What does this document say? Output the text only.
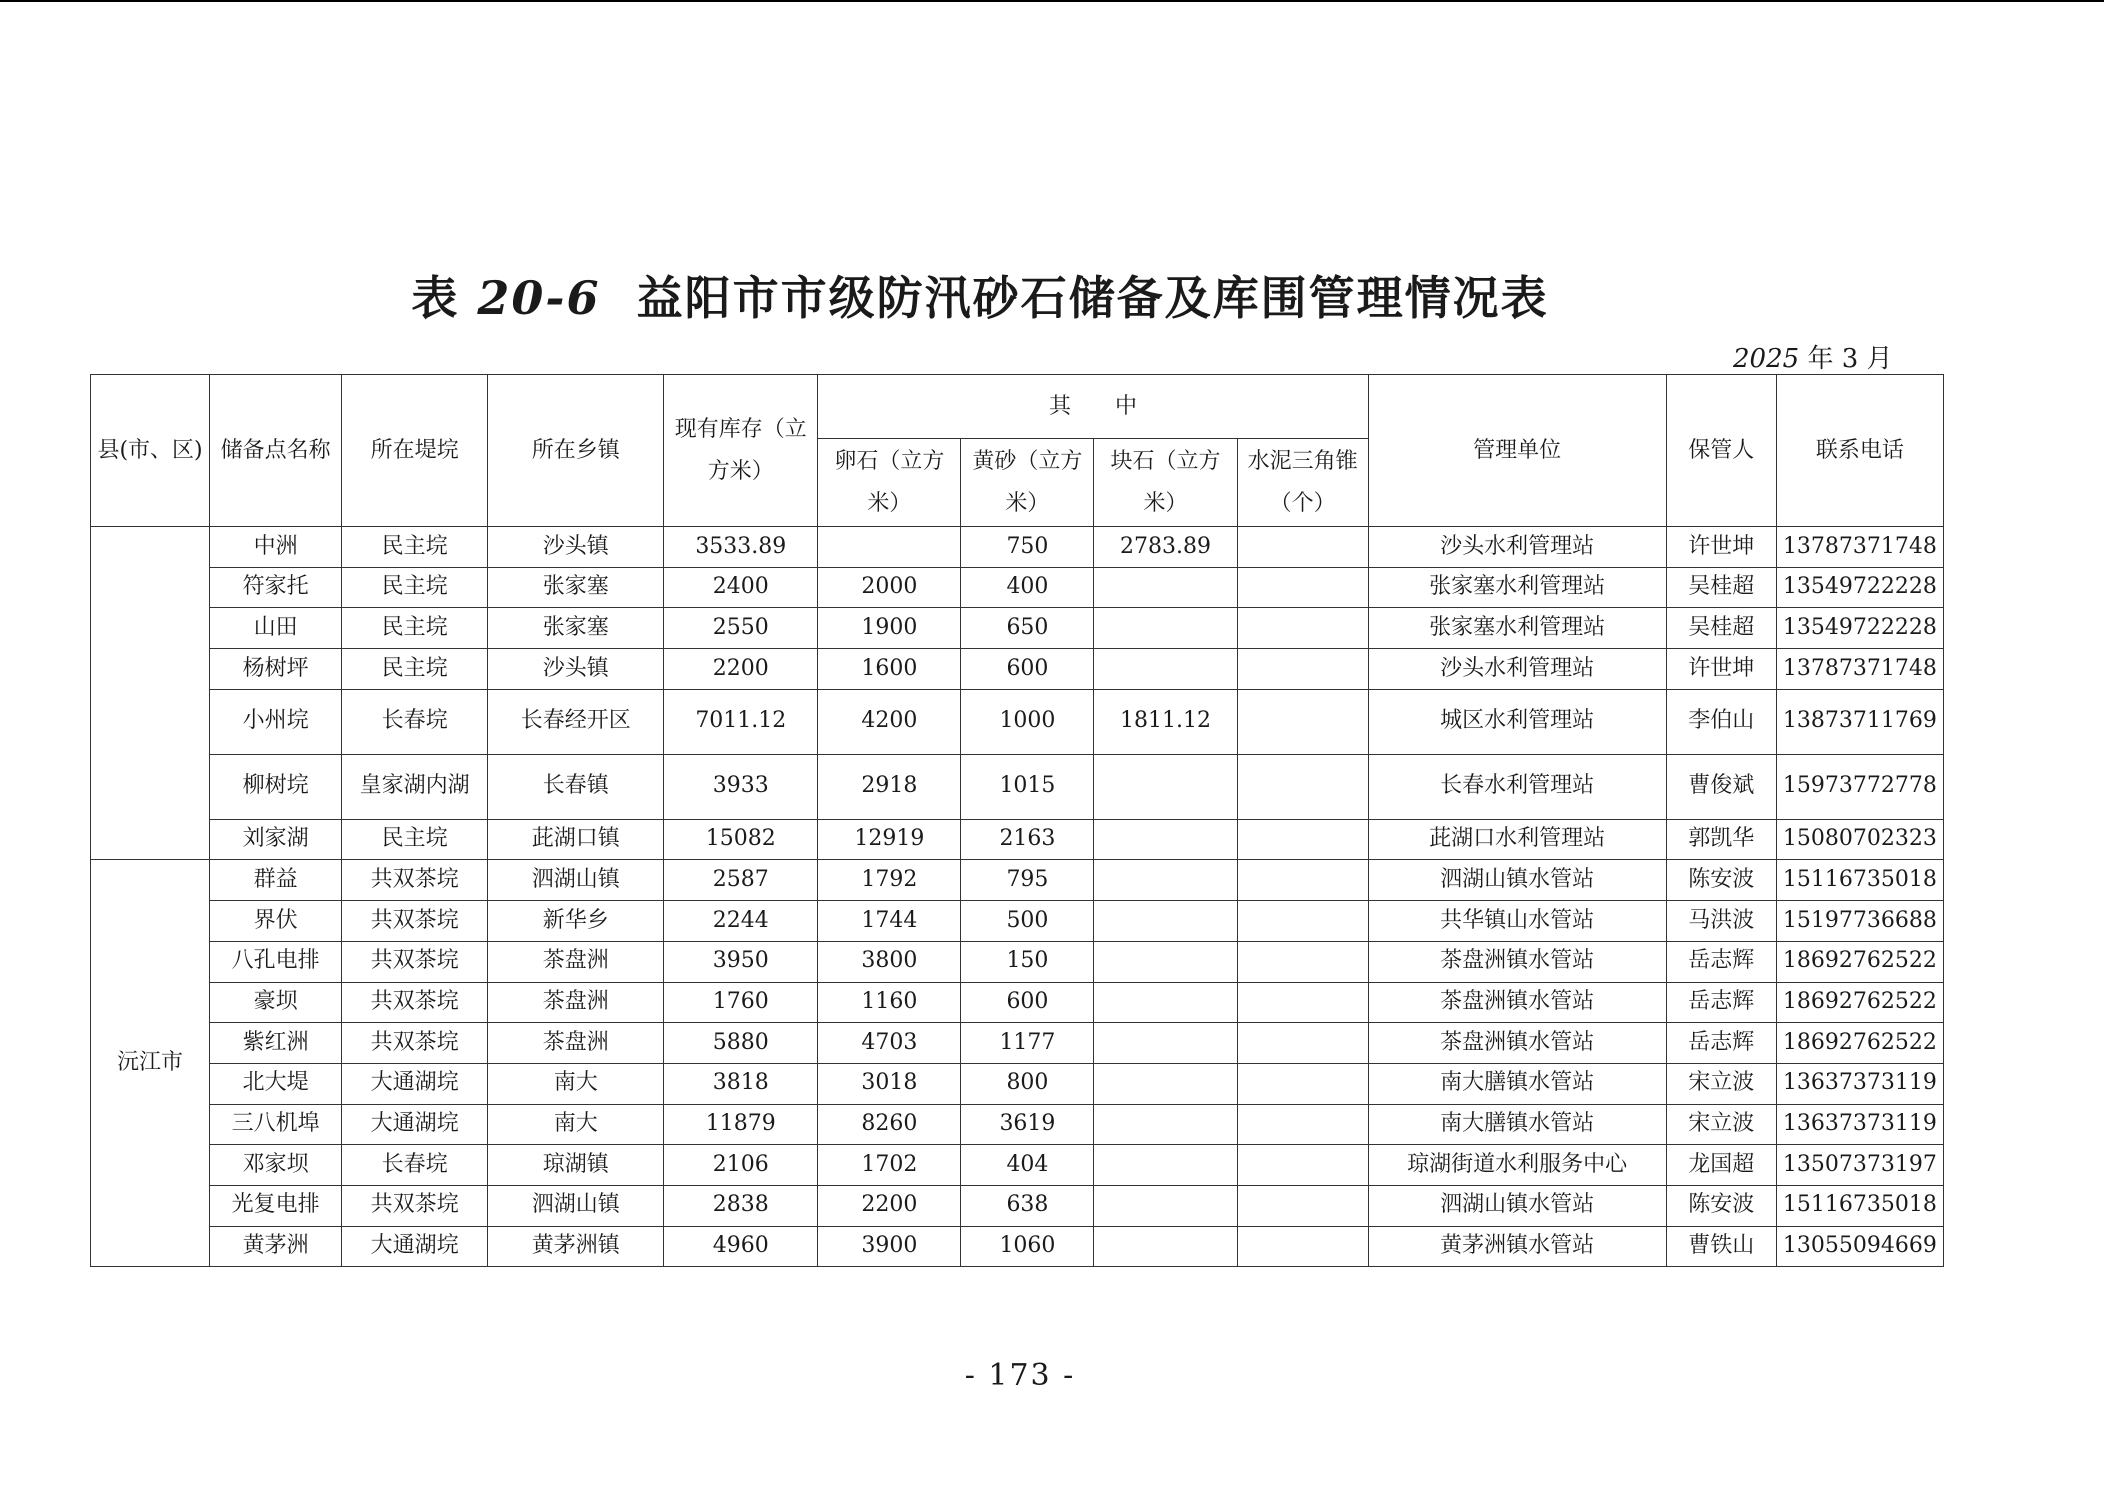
表 20-6 益阳市市级防汛砂石储备及库围管理情况表
2025 年 3 月
县(市、区)	储备点名称	所在堤垸	所在乡镇	现有库存（立方米）	其　　中				管理单位	保管人	联系电话
					卵石（立方米）	黄砂（立方米）	块石（立方米）	水泥三角锥（个）			
	中洲	民主垸	沙头镇	3533.89		750	2783.89		沙头水利管理站	许世坤	13787371748
	符家托	民主垸	张家塞	2400	2000	400			张家塞水利管理站	吴桂超	13549722228
	山田	民主垸	张家塞	2550	1900	650			张家塞水利管理站	吴桂超	13549722228
	杨树坪	民主垸	沙头镇	2200	1600	600			沙头水利管理站	许世坤	13787371748
	小州垸	长春垸	长春经开区	7011.12	4200	1000	1811.12		城区水利管理站	李伯山	13873711769
	柳树垸	皇家湖内湖	长春镇	3933	2918	1015			长春水利管理站	曹俊斌	15973772778
	刘家湖	民主垸	茈湖口镇	15082	12919	2163			茈湖口水利管理站	郭凯华	15080702323
沅江市	群益	共双茶垸	泗湖山镇	2587	1792	795			泗湖山镇水管站	陈安波	15116735018
	界伏	共双茶垸	新华乡	2244	1744	500			共华镇山水管站	马洪波	15197736688
	八孔电排	共双茶垸	茶盘洲	3950	3800	150			茶盘洲镇水管站	岳志辉	18692762522
	豪坝	共双茶垸	茶盘洲	1760	1160	600			茶盘洲镇水管站	岳志辉	18692762522
	紫红洲	共双茶垸	茶盘洲	5880	4703	1177			茶盘洲镇水管站	岳志辉	18692762522
	北大堤	大通湖垸	南大	3818	3018	800			南大膳镇水管站	宋立波	13637373119
	三八机埠	大通湖垸	南大	11879	8260	3619			南大膳镇水管站	宋立波	13637373119
	邓家坝	长春垸	琼湖镇	2106	1702	404			琼湖街道水利服务中心	龙国超	13507373197
	光复电排	共双茶垸	泗湖山镇	2838	2200	638			泗湖山镇水管站	陈安波	15116735018
	黄茅洲	大通湖垸	黄茅洲镇	4960	3900	1060			黄茅洲镇水管站	曹铁山	13055094669
- 173 -
